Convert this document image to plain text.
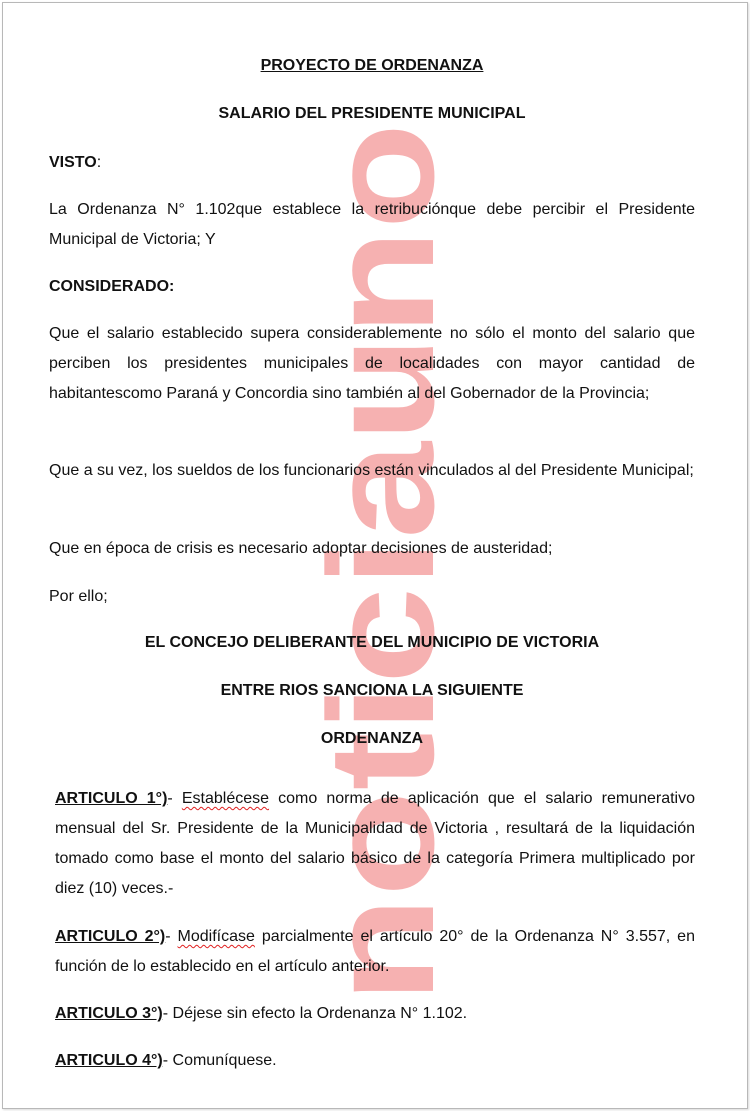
noticiauno

PROYECTO DE ORDENANZA

SALARIO DEL PRESIDENTE MUNICIPAL

VISTO:

La Ordenanza N° 1.102que establece la retribuciónque debe percibir el Presidente Municipal de Victoria; Y

CONSIDERADO:

Que el salario establecido supera considerablemente no sólo el monto del salario que perciben los presidentes municipales de localidades con mayor cantidad de habitantescomo Paraná y Concordia sino también al del Gobernador de la Provincia;

Que a su vez, los sueldos de los funcionarios están vinculados al del Presidente Municipal;

Que en época de crisis es necesario adoptar decisiones de austeridad;

Por ello;

EL CONCEJO DELIBERANTE DEL MUNICIPIO DE VICTORIA

ENTRE RIOS SANCIONA LA SIGUIENTE

ORDENANZA

ARTICULO 1°)- Establécese como norma de aplicación que el salario remunerativo mensual del Sr. Presidente de la Municipalidad de Victoria , resultará de la liquidación tomado como base el monto del salario básico de la categoría Primera multiplicado por diez (10) veces.-

ARTICULO 2°)- Modifícase parcialmente el artículo 20° de la Ordenanza N° 3.557, en función de lo establecido en el artículo anterior.

ARTICULO 3°)- Déjese sin efecto la Ordenanza N° 1.102.

ARTICULO 4°)- Comuníquese.
